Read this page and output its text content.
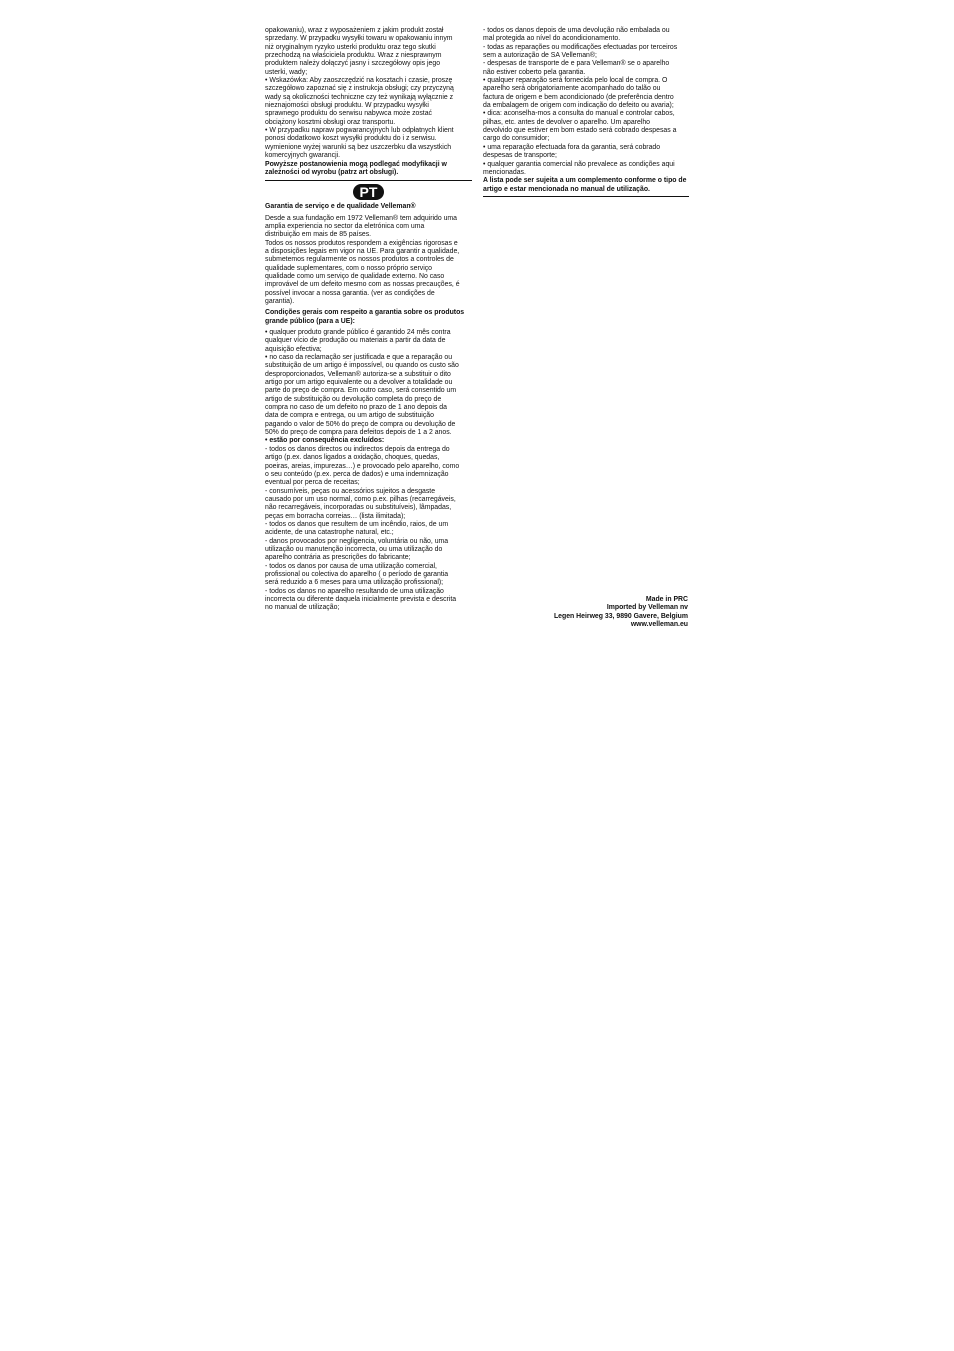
opakowaniu), wraz z wyposażeniem z jakim produkt został
sprzedany. W przypadku wysyłki towaru w opakowaniu innym
niż oryginalnym ryzyko usterki produktu oraz tego skutki
przechodzą na właściciela produktu. Wraz z niesprawnym
produktem należy dołączyć jasny i szczegółowy opis jego
usterki, wady;
• Wskazówka: Aby zaoszczędzić na kosztach i czasie, proszę
szczegółowo zapoznać się z instrukcja obsługi; czy przyczyną
wady są okoliczności techniczne czy też wynikają wyłącznie z
nieznajomości obsługi produktu. W przypadku wysyłki
sprawnego produktu do serwisu nabywca może zostać
obciążony kosztmi obsługi oraz transportu.
• W przypadku napraw pogwarancyjnych lub odpłatnych klient
ponosi dodatkowo koszt wysyłki produktu do i z serwisu.
wymienione wyżej warunki są bez uszczerbku dla wszystkich
komercyjnych gwarancji.
Powyższe postanowienia mogą podlegać modyfikacji w
zależności od wyrobu (patrz art obsługi).
PT
Garantia de serviço e de qualidade Velleman®
Desde a sua fundação em 1972 Velleman® tem adquirido uma
amplia experiencia no sector da eletrónica com uma
distribuição em mais de 85 países.
Todos os nossos produtos respondem a exigências rigorosas e
a disposições legais em vigor na UE. Para garantir a qualidade,
submetemos regularmente os nossos produtos a controles de
qualidade suplementares, com o nosso próprio serviço
qualidade como um serviço de qualidade externo. No caso
improvável de um defeito mesmo com as nossas precauções, é
possível invocar a nossa garantia. (ver as condições de
garantia).
Condições gerais com respeito a garantia sobre os produtos
grande público (para a UE):
• qualquer produto grande público é garantido 24 mês contra
qualquer vício de produção ou materiais a partir da data de
aquisição efectiva;
• no caso da reclamação ser justificada e que a reparação ou
substituição de um artigo é impossível, ou quando os custo são
desproporcionados, Velleman® autoriza-se a substituir o dito
artigo por um artigo equivalente ou a devolver a totalidade ou
parte do preço de compra. Em outro caso, será consentido um
artigo de substituição ou devolução completa do preço de
compra no caso de um defeito no prazo de 1 ano depois da
data de compra e entrega, ou um artigo de substituição
pagando o valor de 50% do preço de compra ou devolução de
50% do preço de compra para defeitos depois de 1 a 2 anos.
• estão por consequência excluídos:
- todos os danos directos ou indirectos depois da entrega do
artigo (p.ex. danos ligados a oxidação, choques, quedas,
poeiras, areias, impurezas…) e provocado pelo aparelho, como
o seu conteúdo (p.ex. perca de dados) e uma indemnização
eventual por perca de receitas;
- consumíveis, peças ou acessórios sujeitos a desgaste
causado por um uso normal, como p.ex. pilhas (recarregáveis,
não recarregáveis, incorporadas ou substituíveis), lâmpadas,
peças em borracha correias… (lista ilimitada);
- todos os danos que resultem de um incêndio, raios, de um
acidente, de una catastrophe natural, etc.;
- danos provocados por negligencia, voluntária ou não, uma
utilização ou manutenção incorrecta, ou uma utilização do
aparelho contrária as prescrições do fabricante;
- todos os danos por causa de uma utilização comercial,
profissional ou colectiva do aparelho ( o período de garantia
será reduzido a 6 meses para uma utilização profissional);
- todos os danos no aparelho resultando de uma utilização
incorrecta ou diferente daquela inicialmente prevista e descrita
no manual de utilização;
- todos os danos depois de uma devolução não embalada ou
mal protegida ao nível do acondicionamento.
- todas as reparações ou modificações efectuadas por terceiros
sem a autorização de SA Velleman®;
- despesas de transporte de e para Velleman® se o aparelho
não estiver coberto pela garantia.
• qualquer reparação será fornecida pelo local de compra. O
aparelho será obrigatoriamente acompanhado do talão ou
factura de origem e bem acondicionado (de preferência dentro
da embalagem de origem com indicação do defeito ou avaria);
• dica: aconselha-mos a consulta do manual e controlar cabos,
pilhas, etc. antes de devolver o aparelho. Um aparelho
devolvido que estiver em bom estado será cobrado despesas a
cargo do consumidor;
• uma reparação efectuada fora da garantia, será cobrado
despesas de transporte;
• qualquer garantia comercial não prevalece as condições aqui
mencionadas.
A lista pode ser sujeita a um complemento conforme o tipo de
artigo e estar mencionada no manual de utilização.
Made in PRC
Imported by Velleman nv
Legen Heirweg 33, 9890 Gavere, Belgium
www.velleman.eu
